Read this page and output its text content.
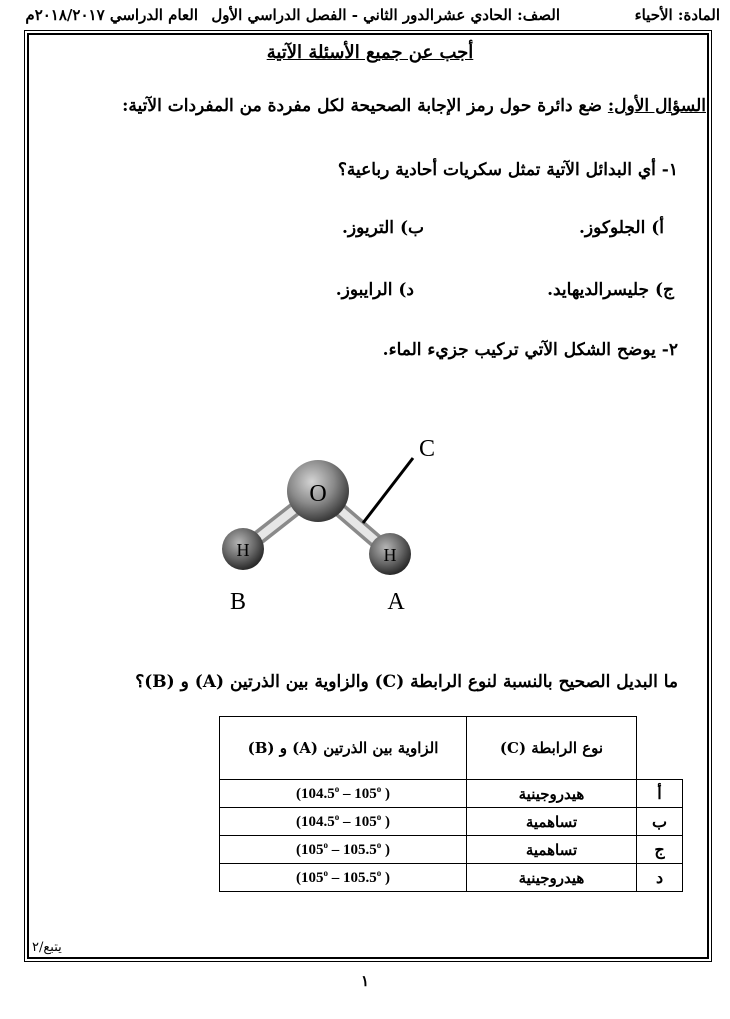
المادة: الأحياء
الصف: الحادي عشر
الدور الثاني - الفصل الدراسي الأول
العام الدراسي ٢٠١٨/٢٠١٧م
أجب عن جميع الأسئلة الآتية
السؤال الأول: ضع دائرة حول رمز الإجابة الصحيحة لكل مفردة من المفردات الآتية:
١- أي البدائل الآتية تمثل سكريات أحادية رباعية؟
أ) الجلوكوز.
ب) التريوز.
ج) جليسرالديهايد.
د) الرايبوز.
٢- يوضح الشكل الآتي تركيب جزيء الماء.
O
H	H
C
B	A
ما البديل الصحيح بالنسبة لنوع الرابطة (C) والزاوية بين الذرتين (A) و (B)؟
	نوع الرابطة (C)	الزاوية بين الذرتين (A) و (B)
أ	هيدروجينية	(104.5$^o$ – 105$^o$ )
ب	تساهمية	(104.5$^o$ – 105$^o$ )
ج	تساهمية	(105$^o$ – 105.5$^o$ )
د	هيدروجينية	(105$^o$ – 105.5$^o$ )
يتبع/٢
١
